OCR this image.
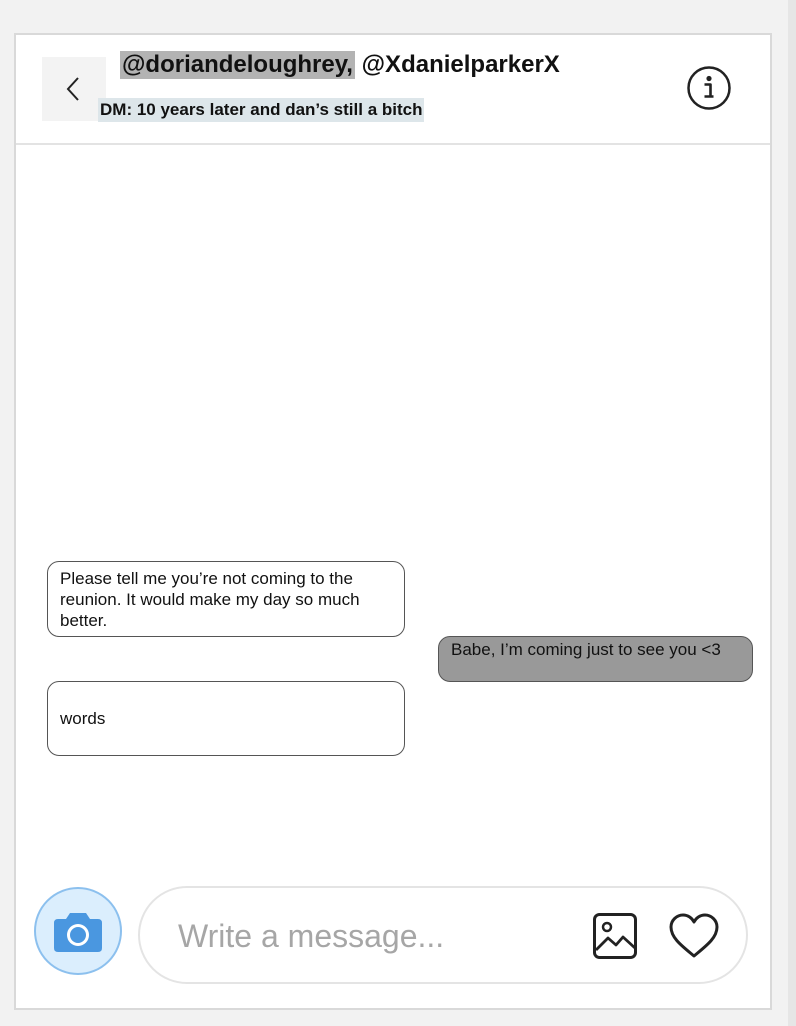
@doriandeloughrey,
@XdanielparkerX
DM: 10 years later and dan’s still a bitch
Please tell me you’re not coming to the reunion. It would make my day so much better.
Babe, I’m coming just to see you <3
words
Write a message...
